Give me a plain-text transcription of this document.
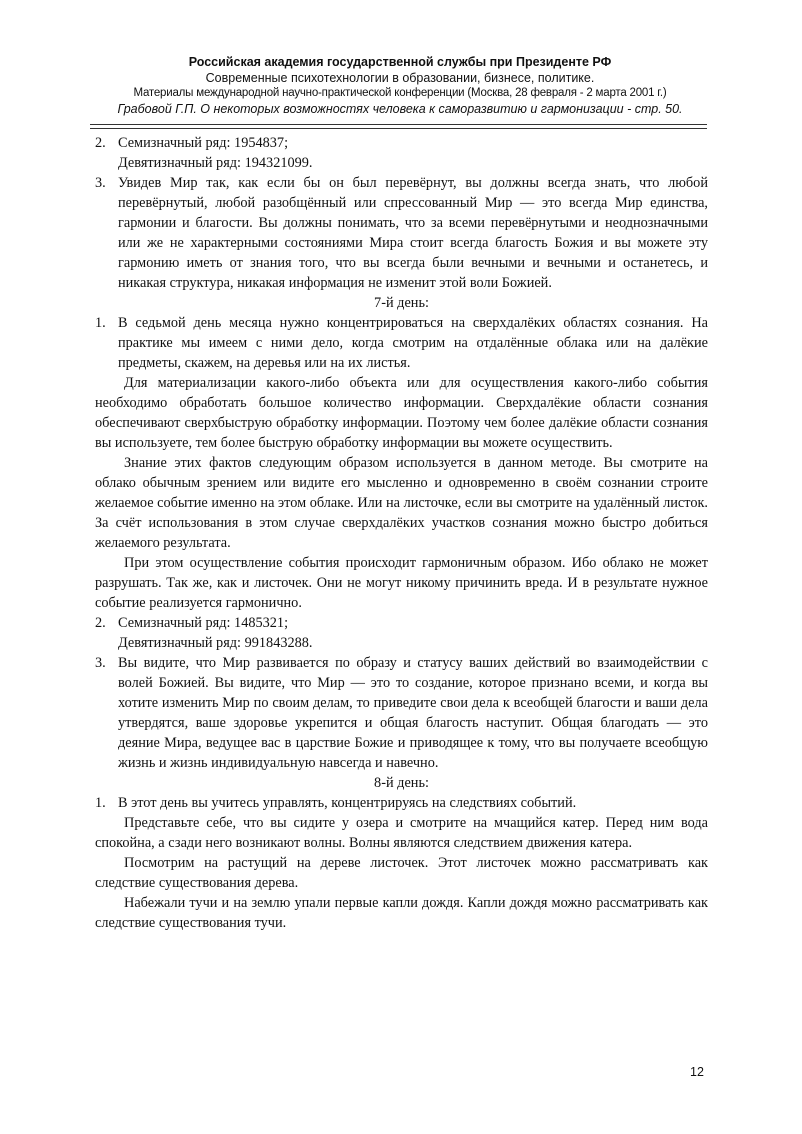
Российская академия государственной службы при Президенте РФ
Современные психотехнологии в образовании, бизнесе, политике.
Материалы международной научно-практической конференции (Москва, 28 февраля - 2 марта 2001 г.)
Грабовой Г.П. О некоторых возможностях человека к саморазвитию и гармонизации - стр. 50.
2. Семизначный ряд: 1954837;

Девятизначный ряд: 194321099.

3. Увидев Мир так, как если бы он был перевёрнут, вы должны всегда знать, что любой перевёрнутый, любой разобщённый или спрессованный Мир — это всегда Мир единства, гармонии и благости. Вы должны понимать, что за всеми перевёрнутыми и неоднозначными или же не характерными состояниями Мира стоит всегда благость Божия и вы можете эту гармонию иметь от знания того, что вы всегда были вечными и вечными и останетесь, и никакая структура, никакая информация не изменит этой воли Божией.

7-й день:

1. В седьмой день месяца нужно концентрироваться на сверхдалёких областях сознания. На практике мы имеем с ними дело, когда смотрим на отдалённые облака или на далёкие предметы, скажем, на деревья или на их листья.

Для материализации какого-либо объекта или для осуществления какого-либо события необходимо обработать большое количество информации. Сверхдалёкие области сознания обеспечивают сверхбыструю обработку информации. Поэтому чем более далёкие области сознания вы используете, тем более быструю обработку информации вы можете осуществить.

Знание этих фактов следующим образом используется в данном методе. Вы смотрите на облако обычным зрением или видите его мысленно и одновременно в своём сознании строите желаемое событие именно на этом облаке. Или на листочке, если вы смотрите на удалённый листок. За счёт использования в этом случае сверхдалёких участков сознания можно быстро добиться желаемого результата.

При этом осуществление события происходит гармоничным образом. Ибо облако не может разрушать. Так же, как и листочек. Они не могут никому причинить вреда. И в результате нужное событие реализуется гармонично.

2. Семизначный ряд: 1485321;

Девятизначный ряд: 991843288.

3. Вы видите, что Мир развивается по образу и статусу ваших действий во взаимодействии с волей Божией. Вы видите, что Мир — это то создание, которое признано всеми, и когда вы хотите изменить Мир по своим делам, то приведите свои дела к всеобщей благости и ваши дела утвердятся, ваше здоровье укрепится и общая благость наступит. Общая благодать — это деяние Мира, ведущее вас в царствие Божие и приводящее к тому, что вы получаете всеобщую жизнь и жизнь индивидуальную навсегда и навечно.

8-й день:

1. В этот день вы учитесь управлять, концентрируясь на следствиях событий.

Представьте себе, что вы сидите у озера и смотрите на мчащийся катер. Перед ним вода спокойна, а сзади него возникают волны. Волны являются следствием движения катера.

Посмотрим на растущий на дереве листочек. Этот листочек можно рассматривать как следствие существования дерева.

Набежали тучи и на землю упали первые капли дождя. Капли дождя можно рассматривать как следствие существования тучи.

12
